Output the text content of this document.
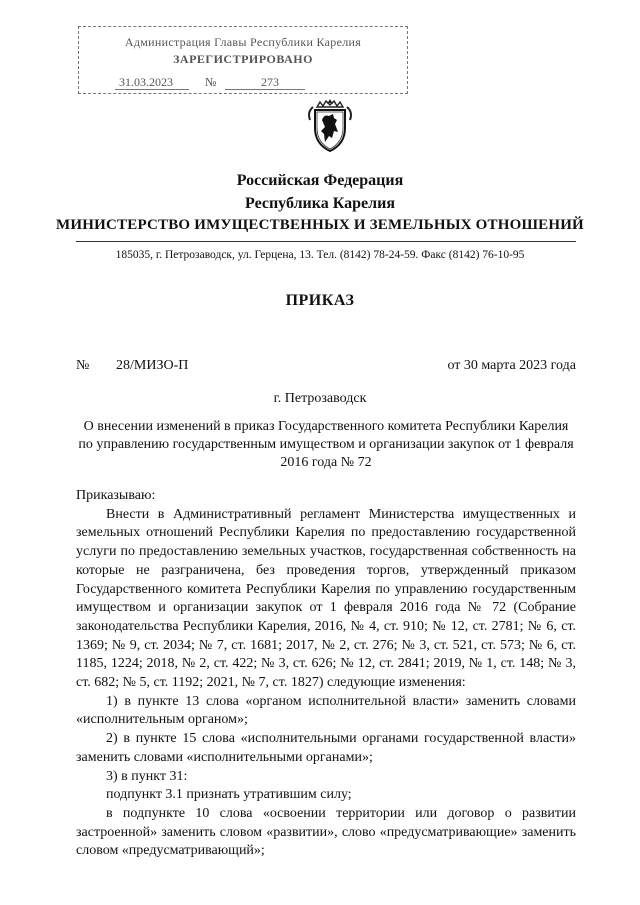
Администрация Главы Республики Карелия
ЗАРЕГИСТРИРОВАНО
31.03.2023	№	273
Российская Федерация
Республика Карелия
МИНИСТЕРСТВО ИМУЩЕСТВЕННЫХ И ЗЕМЕЛЬНЫХ ОТНОШЕНИЙ
185035, г. Петрозаводск, ул. Герцена, 13. Тел. (8142) 78-24-59. Факс (8142) 76-10-95
ПРИКАЗ
№ 28/МИЗО-П	от 30 марта 2023 года
г. Петрозаводск
О внесении изменений в приказ Государственного комитета Республики Карелия по управлению государственным имуществом и организации закупок от 1 февраля 2016 года № 72

Приказываю:

Внести в Административный регламент Министерства имущественных и земельных отношений Республики Карелия по предоставлению государственной услуги по предоставлению земельных участков, государственная собственность на которые не разграничена, без проведения торгов, утвержденный приказом Государственного комитета Республики Карелия по управлению государственным имуществом и организации закупок от 1 февраля 2016 года № 72 (Собрание законодательства Республики Карелия, 2016, № 4, ст. 910; № 12, ст. 2781; № 6, ст. 1369; № 9, ст. 2034; № 7, ст. 1681; 2017, № 2, ст. 276; № 3, ст. 521, ст. 573; № 6, ст. 1185, 1224; 2018, № 2, ст. 422; № 3, ст. 626; № 12, ст. 2841; 2019, № 1, ст. 148; № 3, ст. 682; № 5, ст. 1192; 2021, № 7, ст. 1827) следующие изменения:

1) в пункте 13 слова «органом исполнительной власти» заменить словами «исполнительным органом»;

2) в пункте 15 слова «исполнительными органами государственной власти» заменить словами «исполнительными органами»;

3) в пункт 31:

подпункт 3.1 признать утратившим силу;

в подпункте 10 слова «освоении территории или договор о развитии застроенной» заменить словом «развитии», слово «предусматривающие» заменить словом «предусматривающий»;
